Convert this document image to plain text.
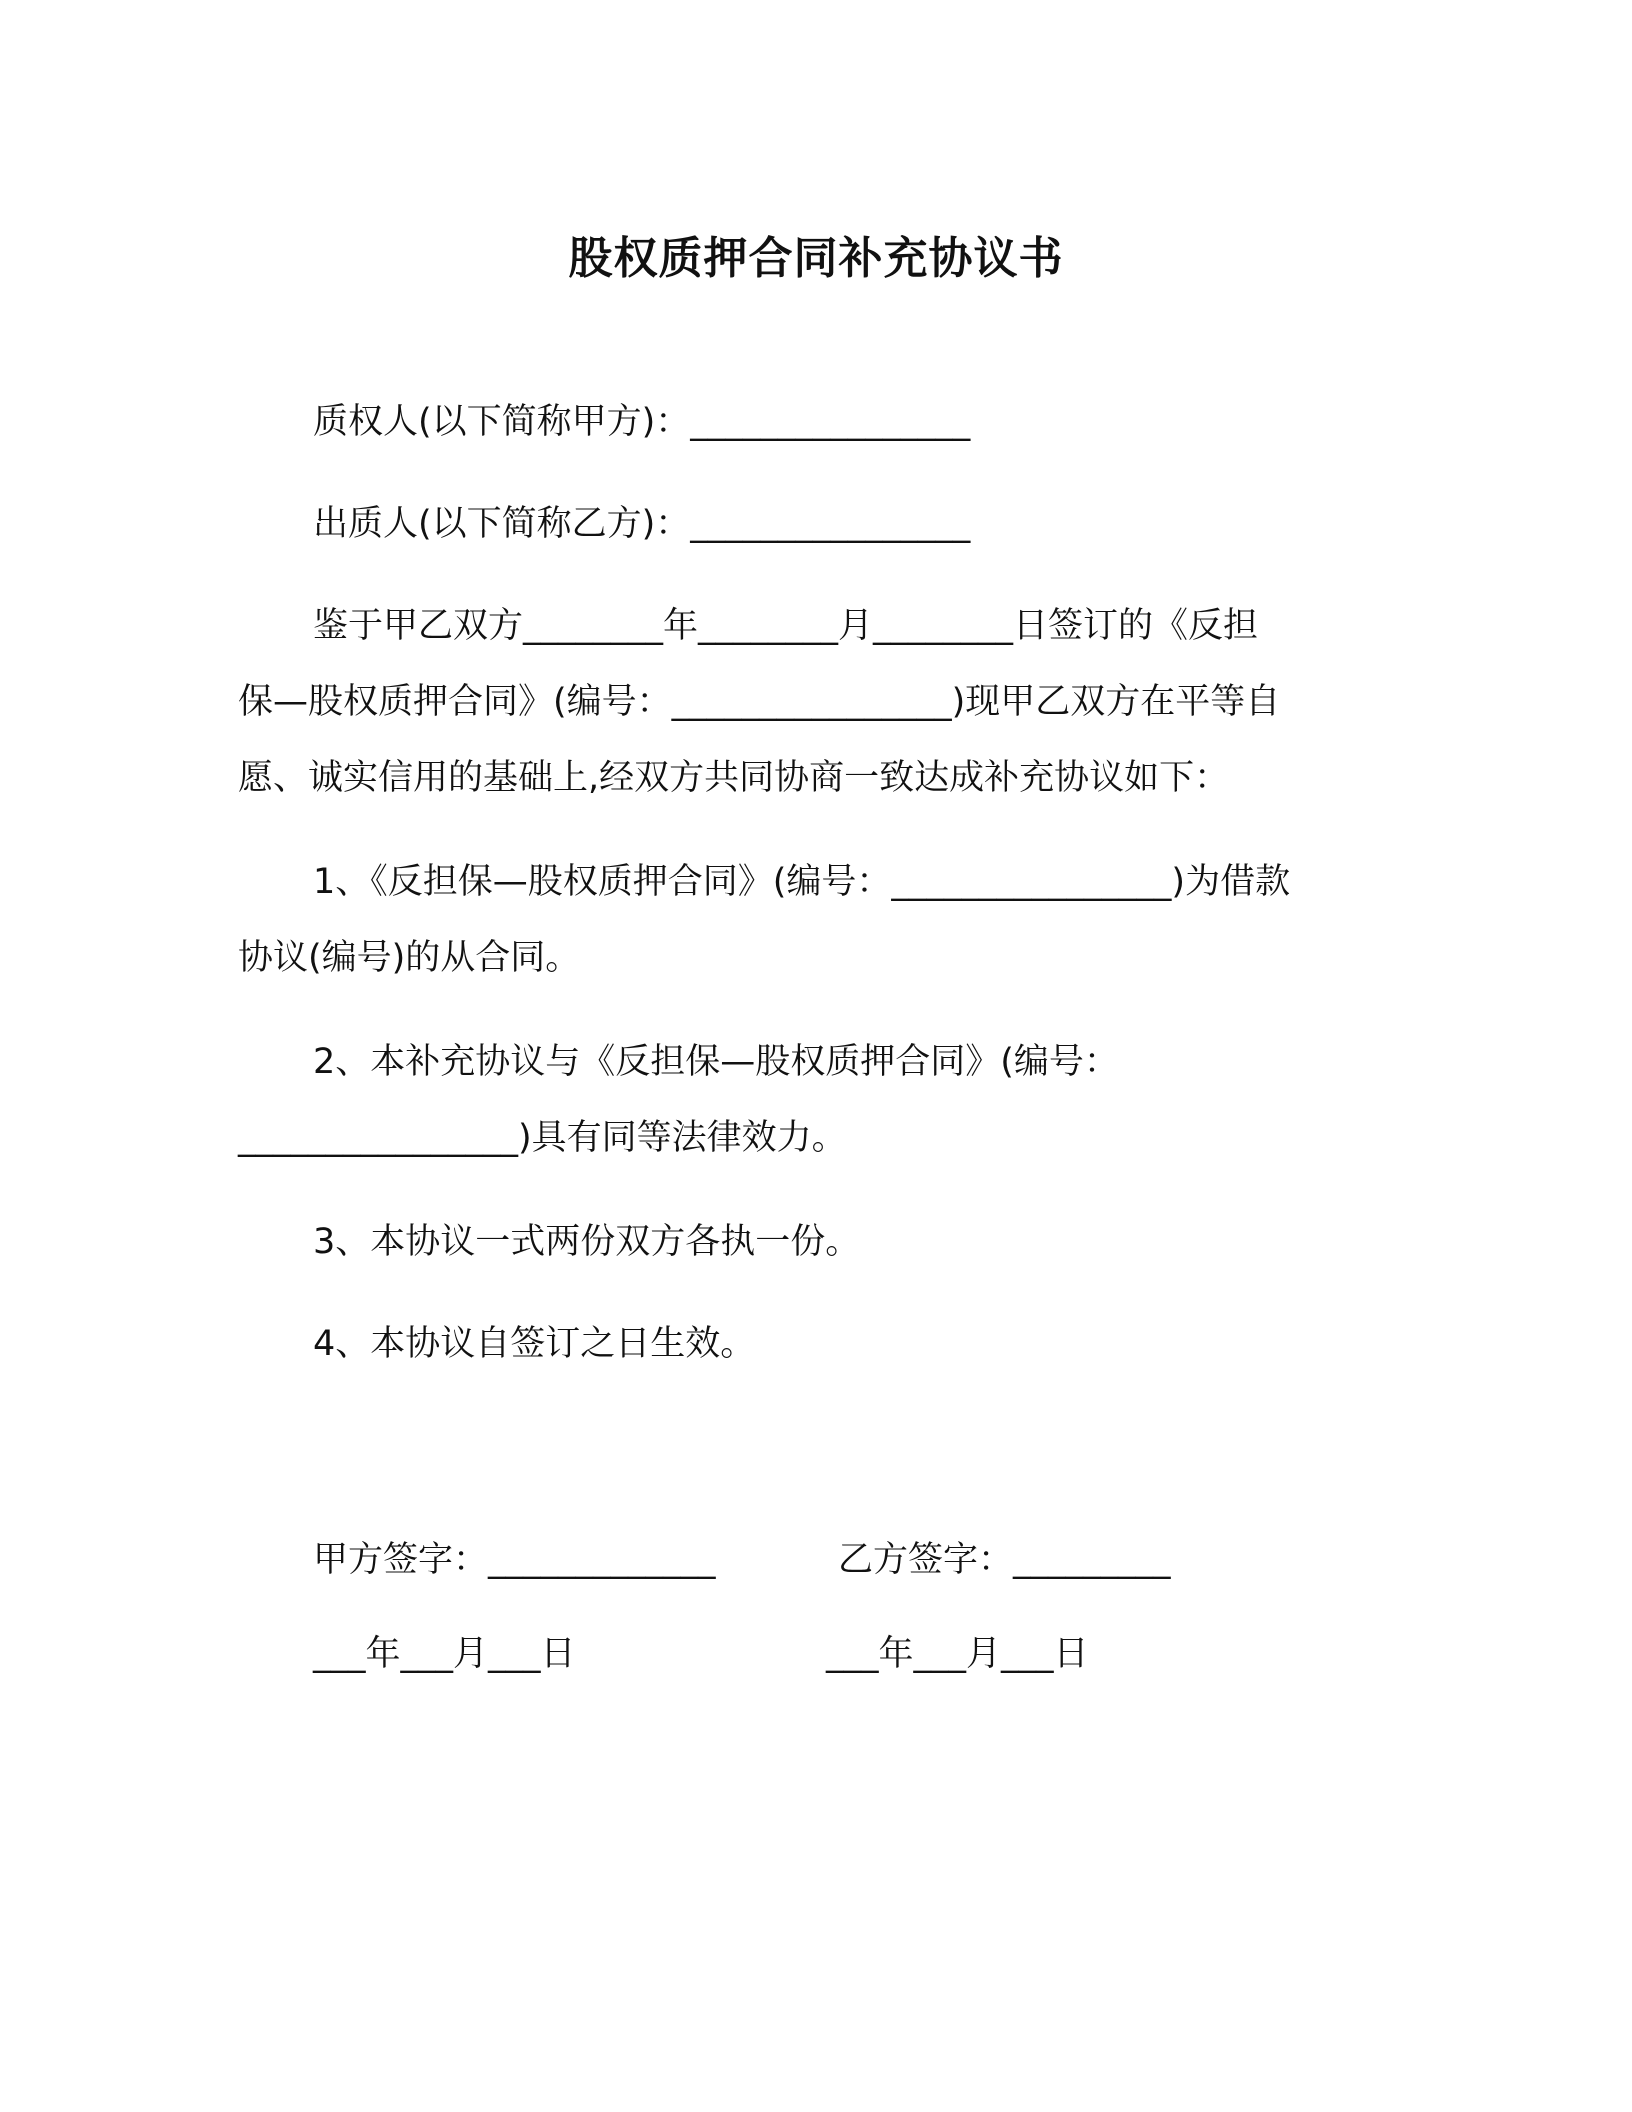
股权质押合同补充协议书
质权人(以下简称甲方)：________________
出质人(以下简称乙方)：________________
鉴于甲乙双方________年________月________日签订的《反担
保—股权质押合同》(编号：________________)现甲乙双方在平等自
愿、诚实信用的基础上,经双方共同协商一致达成补充协议如下：
1、《反担保—股权质押合同》(编号：________________)为借款
协议(编号)的从合同。
2、本补充协议与《反担保—股权质押合同》(编号：
________________)具有同等法律效力。
3、本协议一式两份双方各执一份。
4、本协议自签订之日生效。
甲方签字：_____________	乙方签字：_________
___年___月___日	___年___月___日
